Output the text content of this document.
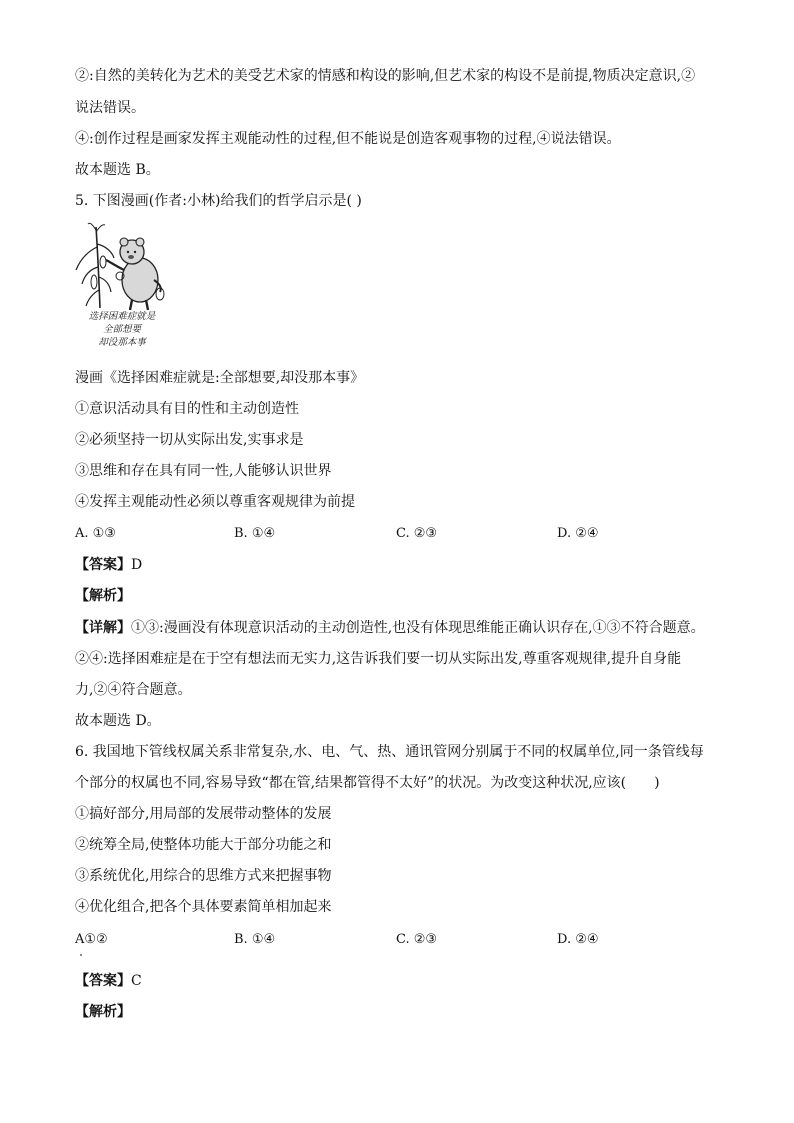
②:自然的美转化为艺术的美受艺术家的情感和构设的影响,但艺术家的构设不是前提,物质决定意识,②
说法错误。
④:创作过程是画家发挥主观能动性的过程,但不能说是创造客观事物的过程,④说法错误。
故本题选 B。
5. 下图漫画(作者:小林)给我们的哲学启示是( )
选择困难症就是
全部想要
却没那本事
漫画《选择困难症就是:全部想要,却没那本事》
①意识活动具有目的性和主动创造性
②必须坚持一切从实际出发,实事求是
③思维和存在具有同一性,人能够认识世界
④发挥主观能动性必须以尊重客观规律为前提
A. ①③	B. ①④	C. ②③	D. ②④
【答案】D
【解析】
【详解】①③:漫画没有体现意识活动的主动创造性,也没有体现思维能正确认识存在,①③不符合题意。
②④:选择困难症是在于空有想法而无实力,这告诉我们要一切从实际出发,尊重客观规律,提升自身能
力,②④符合题意。
故本题选 D。
6. 我国地下管线权属关系非常复杂,水、电、气、热、通讯管网分别属于不同的权属单位,同一条管线每
个部分的权属也不同,容易导致“都在管,结果都管得不太好”的状况。为改变这种状况,应该(　　)
①搞好部分,用局部的发展带动整体的发展
②统筹全局,使整体功能大于部分功能之和
③系统优化,用综合的思维方式来把握事物
④优化组合,把各个具体要素简单相加起来
A①②	B. ①④	C. ②③	D. ②④
【答案】C
【解析】
